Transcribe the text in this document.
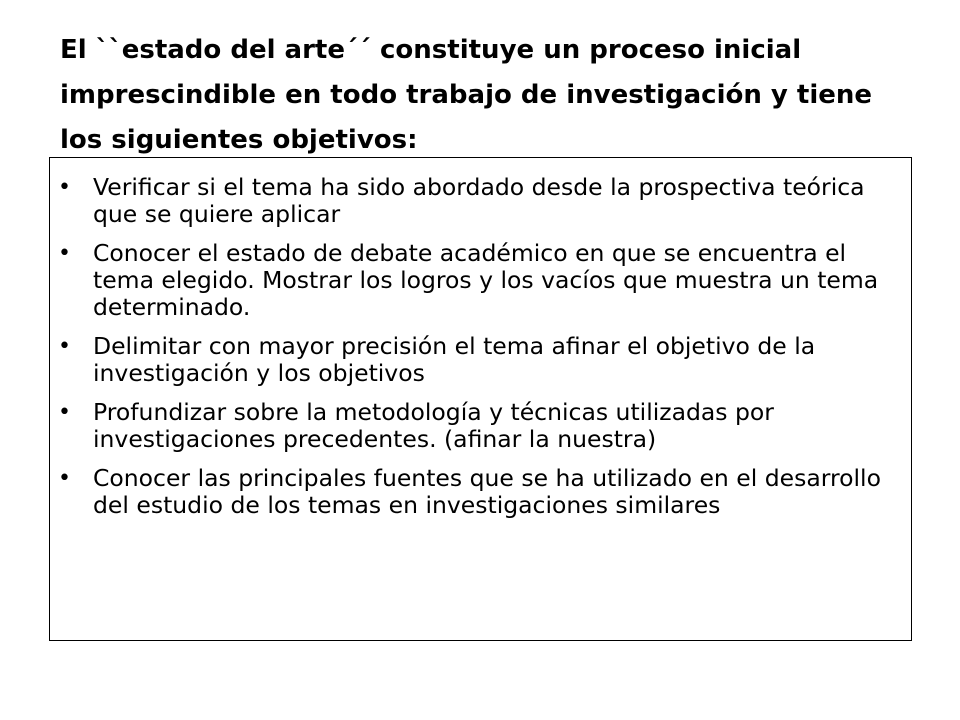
El ``estado del arte´´ constituye un proceso inicial imprescindible en todo trabajo de investigación y tiene los siguientes objetivos:
• Verificar si el tema ha sido abordado desde la prospectiva teórica que se quiere aplicar
• Conocer el estado de debate académico en que se encuentra el tema elegido. Mostrar los logros y los vacíos que muestra un tema determinado.
• Delimitar con mayor precisión el tema afinar el objetivo de la investigación y los objetivos
• Profundizar sobre la metodología y técnicas utilizadas por investigaciones precedentes. (afinar la nuestra)
• Conocer las principales fuentes que se ha utilizado en el desarrollo del estudio de los temas en investigaciones similares
